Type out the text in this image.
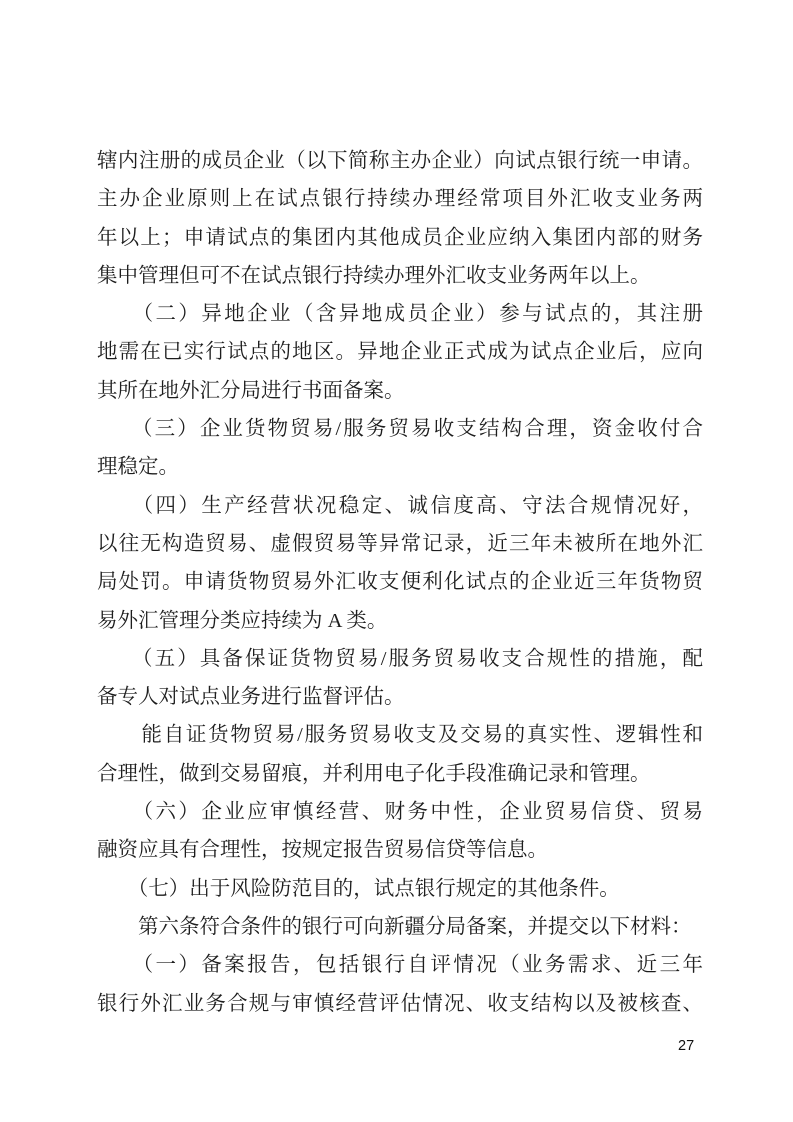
辖内注册的成员企业（以下简称主办企业）向试点银行统一申请。
主办企业原则上在试点银行持续办理经常项目外汇收支业务两
年以上；申请试点的集团内其他成员企业应纳入集团内部的财务
集中管理但可不在试点银行持续办理外汇收支业务两年以上。
　　（二）异地企业（含异地成员企业）参与试点的，其注册
地需在已实行试点的地区。异地企业正式成为试点企业后，应向
其所在地外汇分局进行书面备案。
　　（三）企业货物贸易/服务贸易收支结构合理，资金收付合
理稳定。
　　（四）生产经营状况稳定、诚信度高、守法合规情况好，
以往无构造贸易、虚假贸易等异常记录，近三年未被所在地外汇
局处罚。申请货物贸易外汇收支便利化试点的企业近三年货物贸
易外汇管理分类应持续为 A 类。
　　（五）具备保证货物贸易/服务贸易收支合规性的措施，配
备专人对试点业务进行监督评估。
　　能自证货物贸易/服务贸易收支及交易的真实性、逻辑性和
合理性，做到交易留痕，并利用电子化手段准确记录和管理。
　　（六）企业应审慎经营、财务中性，企业贸易信贷、贸易
融资应具有合理性，按规定报告贸易信贷等信息。
　　（七）出于风险防范目的，试点银行规定的其他条件。
　　第六条符合条件的银行可向新疆分局备案，并提交以下材料：
　　（一）备案报告，包括银行自评情况（业务需求、近三年
银行外汇业务合规与审慎经营评估情况、收支结构以及被核查、
27
